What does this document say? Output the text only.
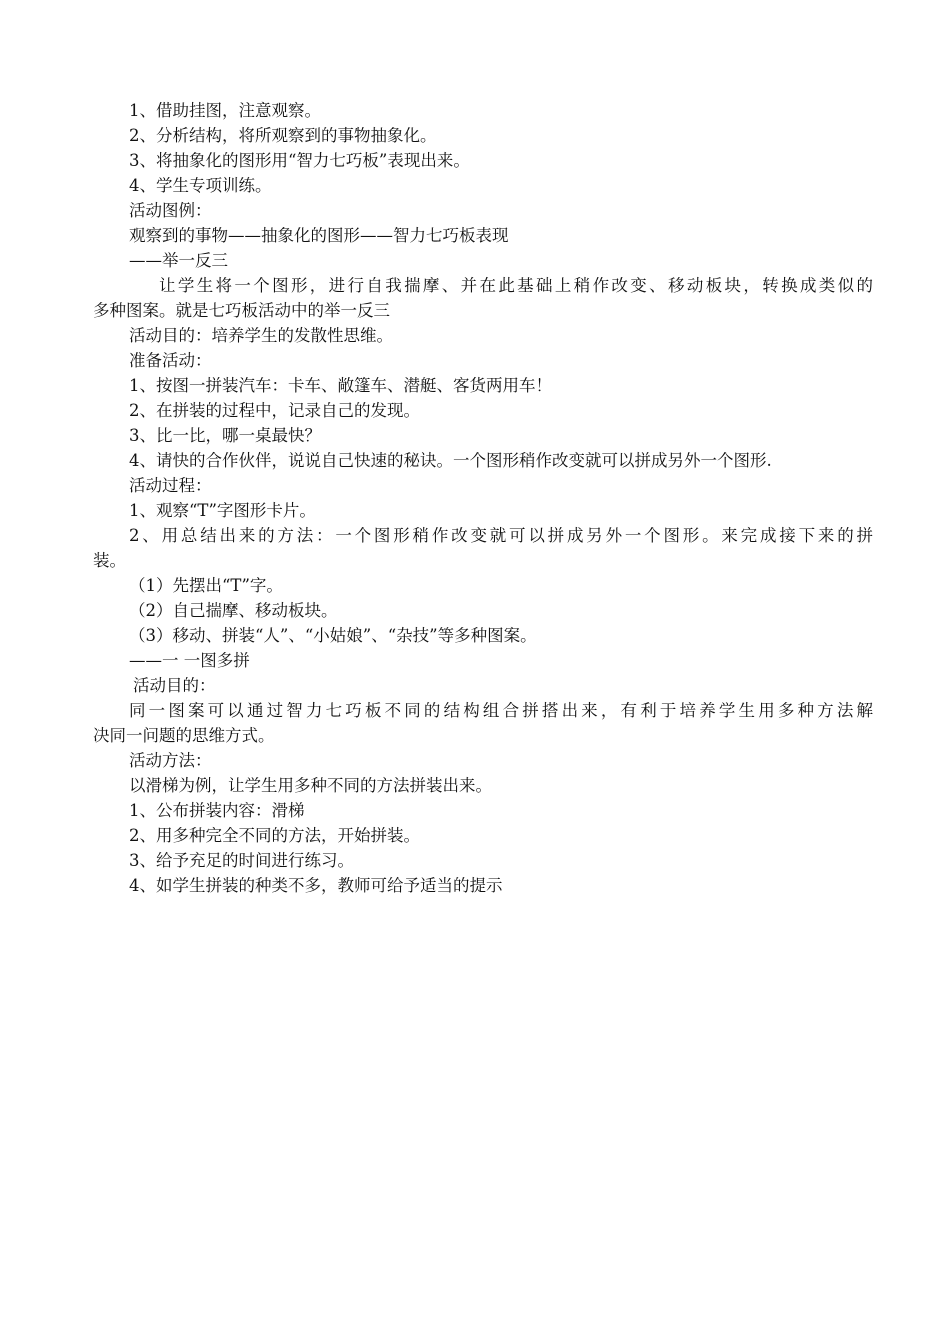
1、借助挂图，注意观察。
2、分析结构，将所观察到的事物抽象化。
3、将抽象化的图形用“智力七巧板”表现出来。
4、学生专项训练。
活动图例：
观察到的事物——抽象化的图形——智力七巧板表现
——举一反三
让学生将一个图形，进行自我揣摩、并在此基础上稍作改变、移动板块，转换成类似的
多种图案。就是七巧板活动中的举一反三
活动目的：培养学生的发散性思维。
准备活动：
1、按图一拼装汽车：卡车、敞篷车、潜艇、客货两用车！
2、在拼装的过程中，记录自己的发现。
3、比一比，哪一桌最快？
4、请快的合作伙伴，说说自己快速的秘诀。一个图形稍作改变就可以拼成另外一个图形.
活动过程：
1、观察“T”字图形卡片。
2、用总结出来的方法：一个图形稍作改变就可以拼成另外一个图形。来完成接下来的拼
装。
（1）先摆出“T”字。
（2）自己揣摩、移动板块。
（3）移动、拼装“人”、“小姑娘”、“杂技”等多种图案。
——一 一图多拼
活动目的：
同一图案可以通过智力七巧板不同的结构组合拼搭出来，有利于培养学生用多种方法解
决同一问题的思维方式。
活动方法：
以滑梯为例，让学生用多种不同的方法拼装出来。
1、公布拼装内容：滑梯
2、用多种完全不同的方法，开始拼装。
3、给予充足的时间进行练习。
4、如学生拼装的种类不多，教师可给予适当的提示
